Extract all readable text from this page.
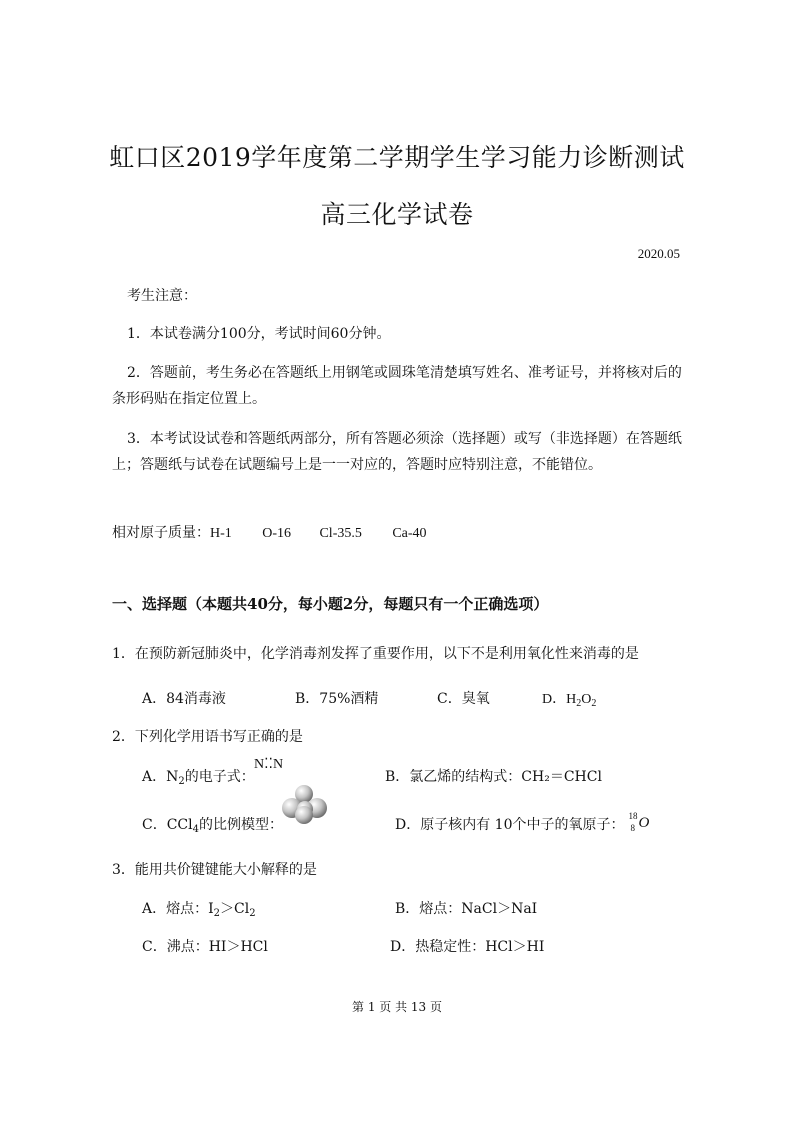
虹口区2019学年度第二学期学生学习能力诊断测试
高三化学试卷
2020.05
考生注意：
1．本试卷满分100分，考试时间60分钟。
2．答题前，考生务必在答题纸上用钢笔或圆珠笔清楚填写姓名、准考证号，并将核对后的
条形码贴在指定位置上。
3．本考试设试卷和答题纸两部分，所有答题必须涂（选择题）或写（非选择题）在答题纸
上；答题纸与试卷在试题编号上是一一对应的，答题时应特别注意，不能错位。
相对原子质量：H-1 O-16 Cl-35.5 Ca-40
一、选择题（本题共40分，每小题2分，每题只有一个正确选项）
1．在预防新冠肺炎中，化学消毒剂发挥了重要作用，以下不是利用氧化性来消毒的是
A．84消毒液	B．75%酒精	C．臭氧	D．$H_2O_2$
2．下列化学用语书写正确的是
A．$N_2$的电子式：
N⁚⁚N
B．氯乙烯的结构式：CH₂＝CHCl
C．CCl$_4$的比例模型：	D．原子核内有 10个中子的氧原子：
18
8 O
3．能用共价键键能大小解释的是
A．熔点：$I_2>Cl_2$	B．熔点：NaCl＞NaI
C．沸点：HI＞HCl	D．热稳定性：HCl＞HI
第 1 页 共 13 页
